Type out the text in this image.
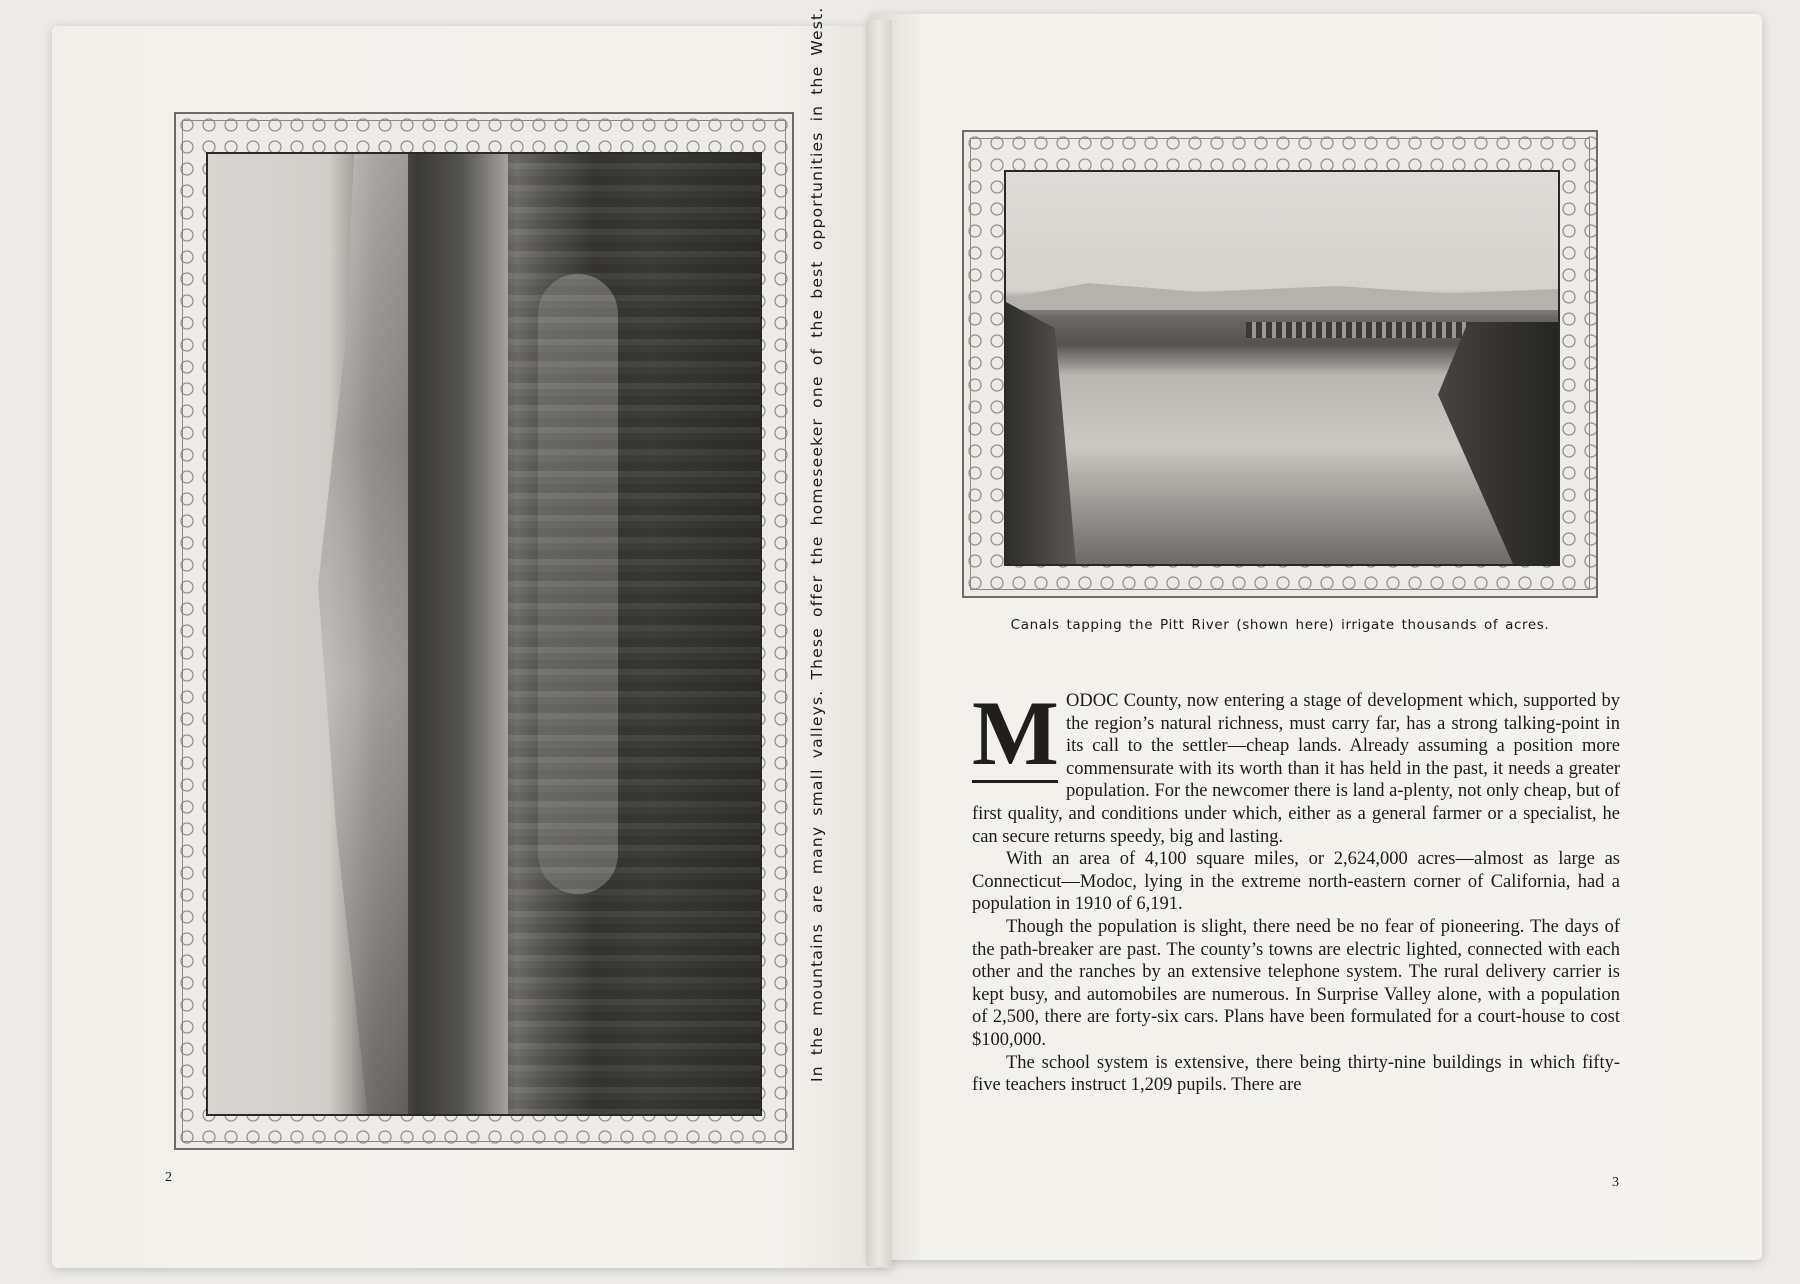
In the mountains are many small valleys. These offer the homeseeker one of the best opportunities in the West.
2
Canals tapping the Pitt River (shown here) irrigate thousands of acres.

M ODOC County, now entering a stage of development which, supported by the region’s natural richness, must carry far, has a strong talking-point in its call to the settler—cheap lands. Already assuming a position more commensurate with its worth than it has held in the past, it needs a greater population. For the newcomer there is land a-plenty, not only cheap, but of first quality, and conditions under which, either as a general farmer or a specialist, he can secure returns speedy, big and lasting.

With an area of 4,100 square miles, or 2,624,000 acres—almost as large as Connecticut—Modoc, lying in the extreme north-eastern corner of California, had a population in 1910 of 6,191.

Though the population is slight, there need be no fear of pioneering. The days of the path-breaker are past. The county’s towns are electric lighted, connected with each other and the ranches by an extensive telephone system. The rural delivery carrier is kept busy, and automobiles are numerous. In Surprise Valley alone, with a population of 2,500, there are forty-six cars. Plans have been formulated for a court-house to cost $100,000.

The school system is extensive, there being thirty-nine buildings in which fifty-five teachers instruct 1,209 pupils. There are

3
